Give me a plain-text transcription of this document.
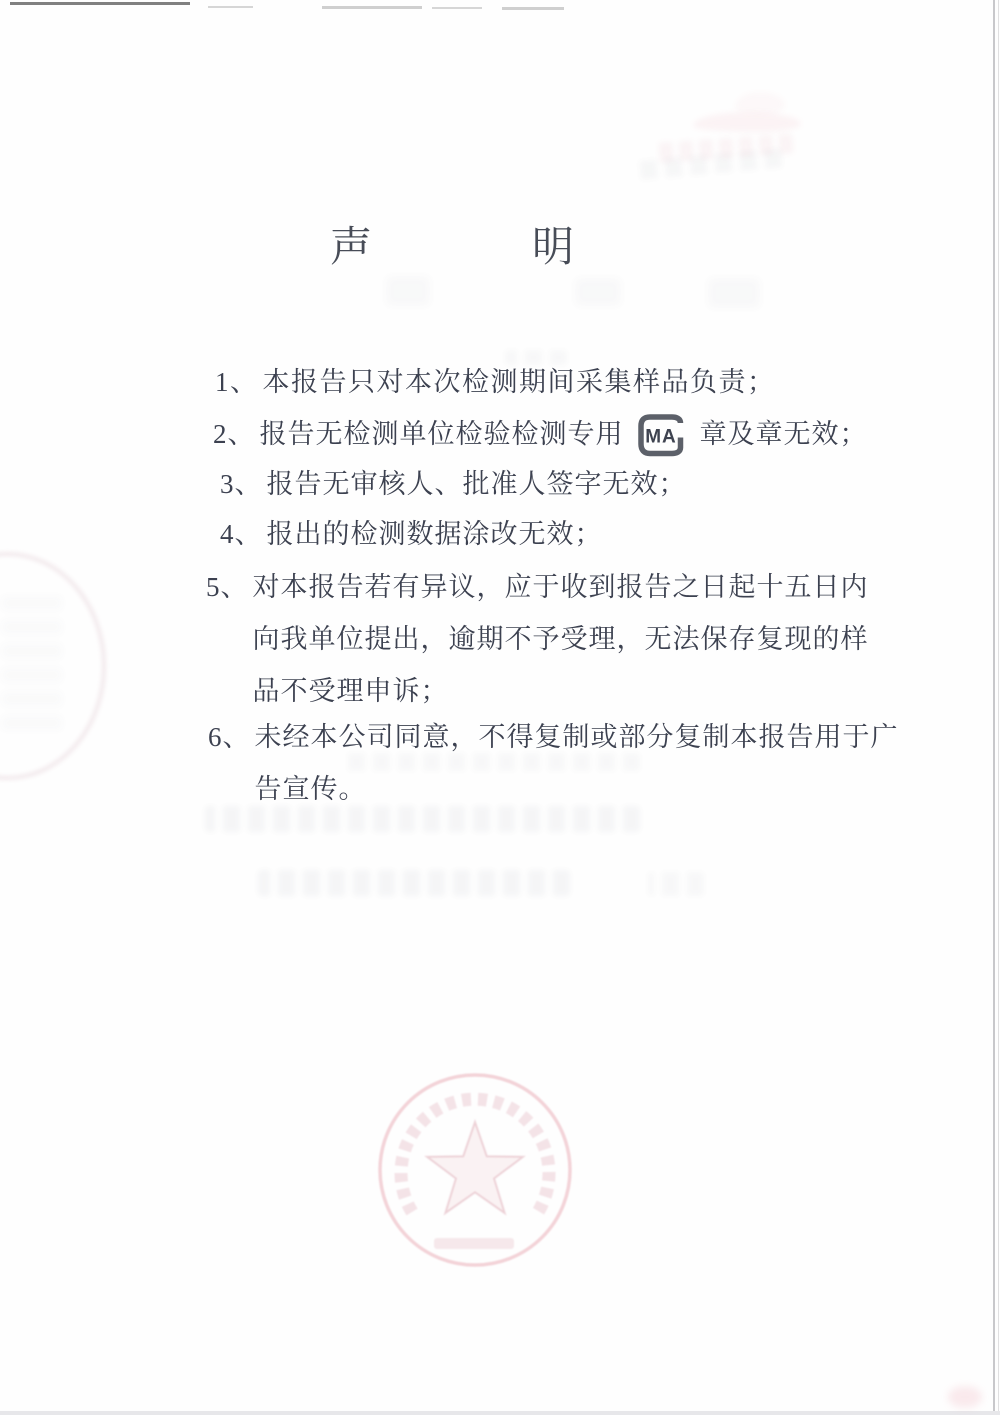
声	明
1、 本报告只对本次检测期间采集样品负责；
2、 报告无检测单位检验检测专用 MA 章及章无效；
3、 报告无审核人、批准人签字无效；
4、 报出的检测数据涂改无效；
5、 对本报告若有异议，应于收到报告之日起十五日内
向我单位提出，逾期不予受理，无法保存复现的样
品不受理申诉；
6、 未经本公司同意，不得复制或部分复制本报告用于广
告宣传。
